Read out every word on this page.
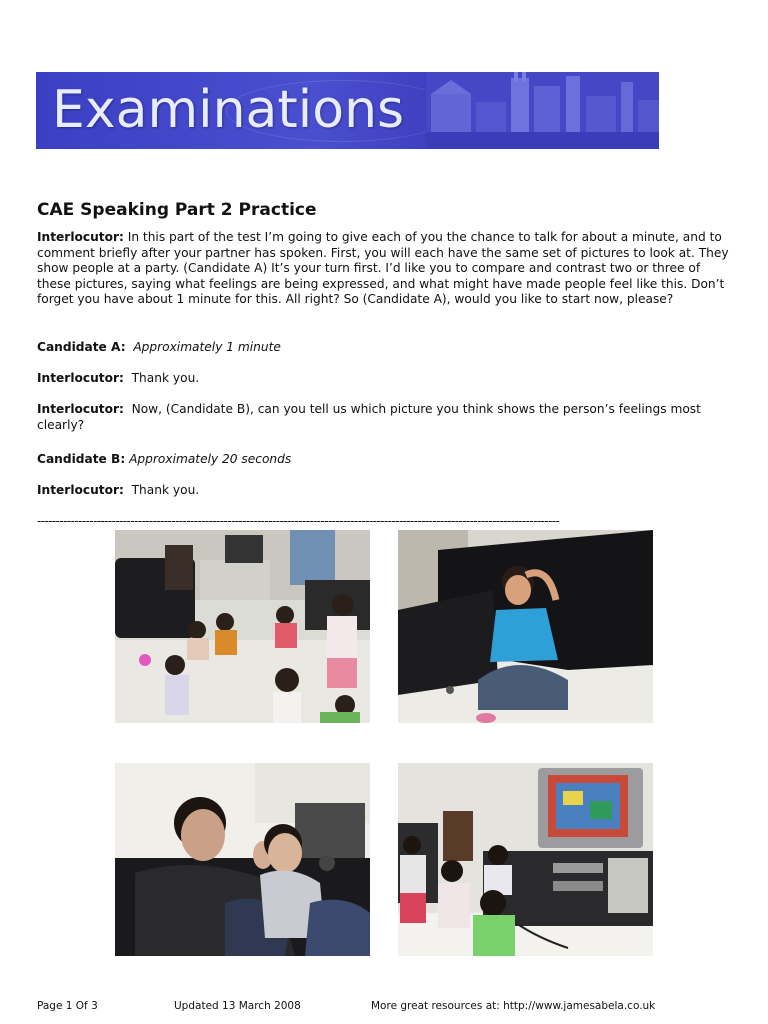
Examinations
CAE Speaking Part 2 Practice

Interlocutor: In this part of the test I’m going to give each of you the chance to talk for about a minute, and to comment briefly after your partner has spoken. First, you will each have the same set of pictures to look at. They show people at a party. (Candidate A) It’s your turn first. I’d like you to compare and contrast two or three of these pictures, saying what feelings are being expressed, and what might have made people feel like this. Don’t forget you have about 1 minute for this. All right? So (Candidate A), would you like to start now, please?

Candidate A: Approximately 1 minute

Interlocutor: Thank you.

Interlocutor: Now, (Candidate B), can you tell us which picture you think shows the person’s feelings most clearly?

Candidate B: Approximately 20 seconds

Interlocutor: Thank you.

--------------------------------------------------------------------------------------------------------------------------------------------
Page 1 Of 3	Updated 13 March 2008	More great resources at: http://www.jamesabela.co.uk
